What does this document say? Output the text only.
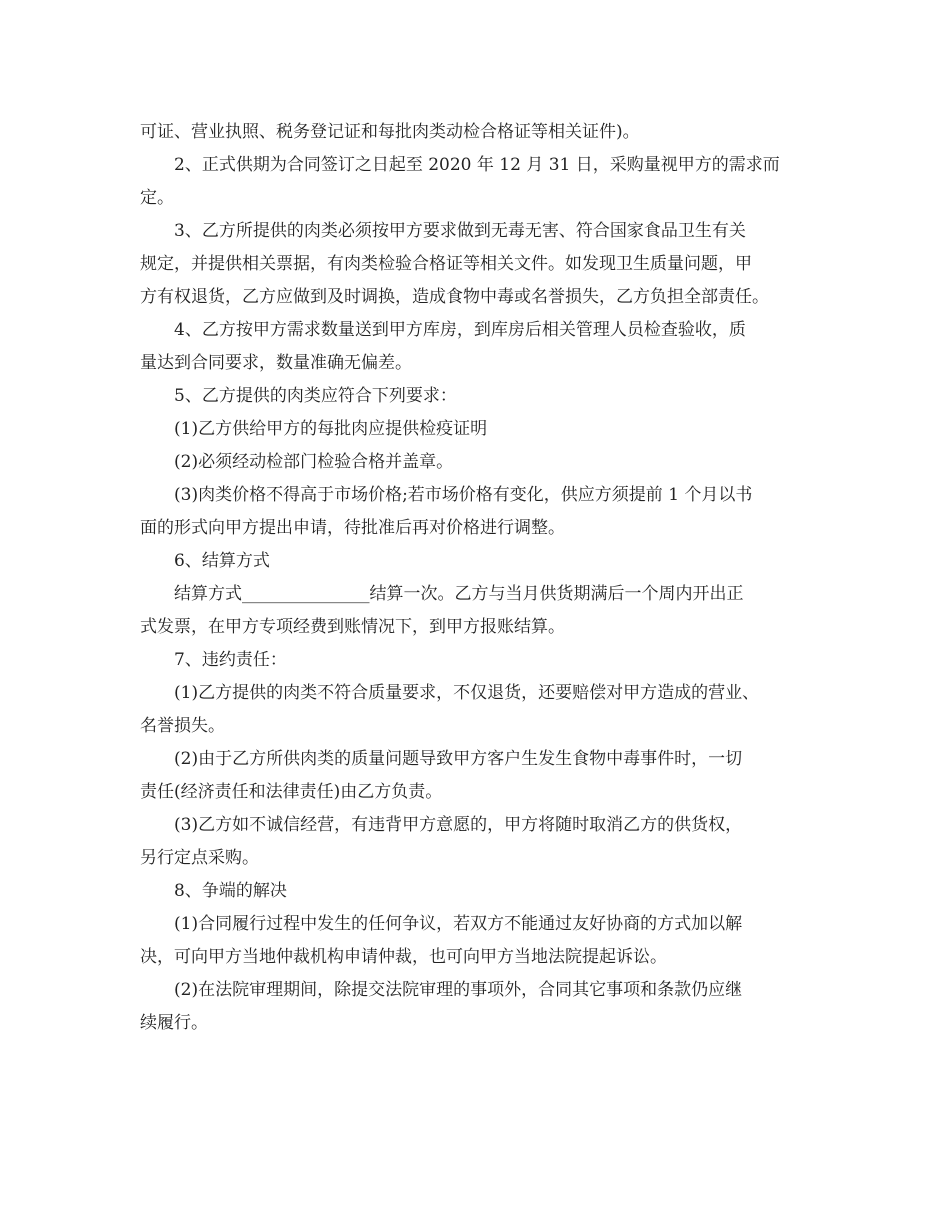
可证、营业执照、税务登记证和每批肉类动检合格证等相关证件)。

2、正式供期为合同签订之日起至 2020 年 12 月 31 日，采购量视甲方的需求而

定。

3、乙方所提供的肉类必须按甲方要求做到无毒无害、符合国家食品卫生有关

规定，并提供相关票据，有肉类检验合格证等相关文件。如发现卫生质量问题，甲

方有权退货，乙方应做到及时调换，造成食物中毒或名誉损失，乙方负担全部责任。

4、乙方按甲方需求数量送到甲方库房，到库房后相关管理人员检查验收，质

量达到合同要求，数量准确无偏差。

5、乙方提供的肉类应符合下列要求：

(1)乙方供给甲方的每批肉应提供检疫证明

(2)必须经动检部门检验合格并盖章。

(3)肉类价格不得高于市场价格;若市场价格有变化，供应方须提前 1 个月以书

面的形式向甲方提出申请，待批准后再对价格进行调整。

6、结算方式

结算方式_______________结算一次。乙方与当月供货期满后一个周内开出正

式发票，在甲方专项经费到账情况下，到甲方报账结算。

7、违约责任：

(1)乙方提供的肉类不符合质量要求，不仅退货，还要赔偿对甲方造成的营业、

名誉损失。

(2)由于乙方所供肉类的质量问题导致甲方客户生发生食物中毒事件时，一切

责任(经济责任和法律责任)由乙方负责。

(3)乙方如不诚信经营，有违背甲方意愿的，甲方将随时取消乙方的供货权，

另行定点采购。

8、争端的解决

(1)合同履行过程中发生的任何争议，若双方不能通过友好协商的方式加以解

决，可向甲方当地仲裁机构申请仲裁，也可向甲方当地法院提起诉讼。

(2)在法院审理期间，除提交法院审理的事项外，合同其它事项和条款仍应继

续履行。
